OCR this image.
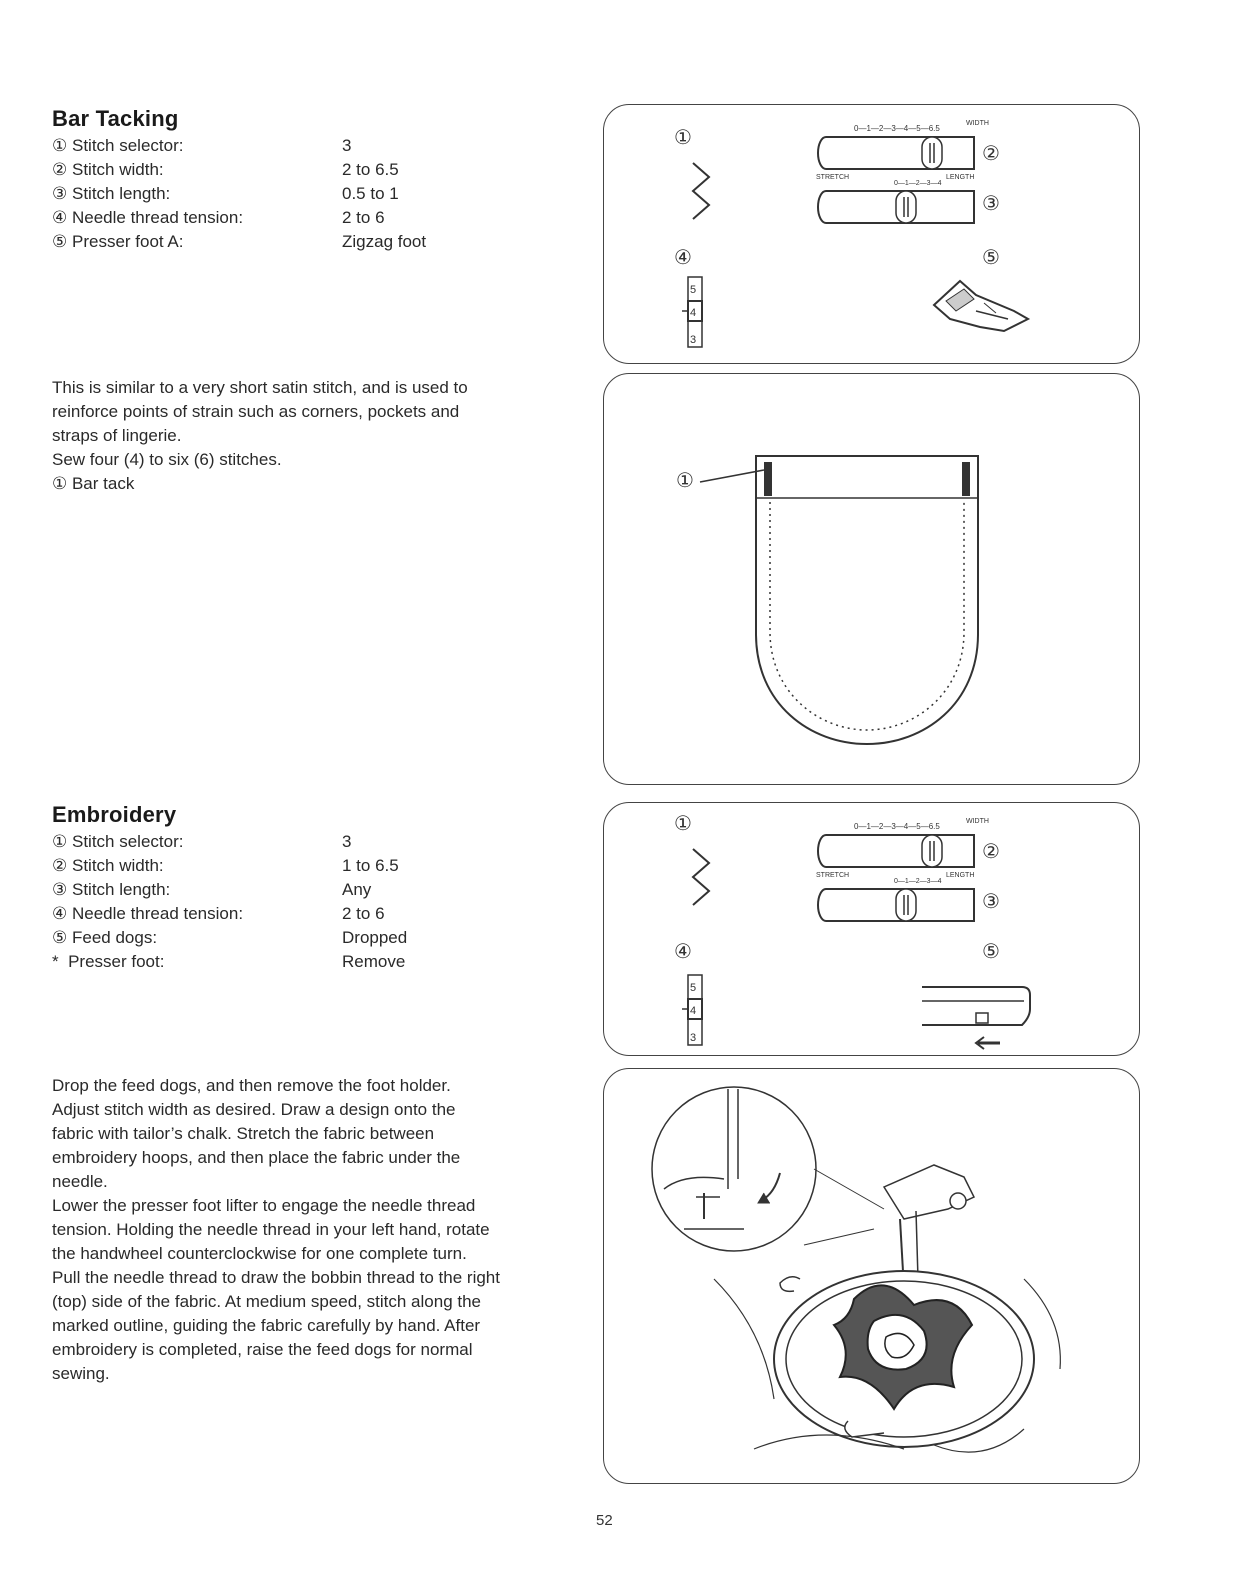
Bar Tacking
① Stitch selector:	3
② Stitch width:	2 to 6.5
③ Stitch length:	0.5 to 1
④ Needle thread tension:	2 to 6
⑤ Presser foot A:	Zigzag foot

This is similar to a very short satin stitch, and is used to

reinforce points of strain such as corners, pockets and

straps of lingerie.

Sew four (4) to six (6) stitches.

① Bar tack

0—1—2—3—4—5—6.5
WIDTH
STRETCH
0—1—2—3—4
LENGTH
5
4
3
①
②
③
④	⑤
①
Embroidery
① Stitch selector:	3
② Stitch width:	1 to 6.5
③ Stitch length:	Any
④ Needle thread tension:	2 to 6
⑤ Feed dogs:	Dropped
* Presser foot:	Remove

Drop the feed dogs, and then remove the foot holder.

Adjust stitch width as desired. Draw a design onto the

fabric with tailor’s chalk. Stretch the fabric between

embroidery hoops, and then place the fabric under the

needle.

Lower the presser foot lifter to engage the needle thread

tension. Holding the needle thread in your left hand, rotate

the handwheel counterclockwise for one complete turn.

Pull the needle thread to draw the bobbin thread to the right

(top) side of the fabric. At medium speed, stitch along the

marked outline, guiding the fabric carefully by hand. After

embroidery is completed, raise the feed dogs for normal

sewing.

0—1—2—3—4—5—6.5
WIDTH
STRETCH
0—1—2—3—4
LENGTH
5
4
3
①
②
③
④	⑤
52
